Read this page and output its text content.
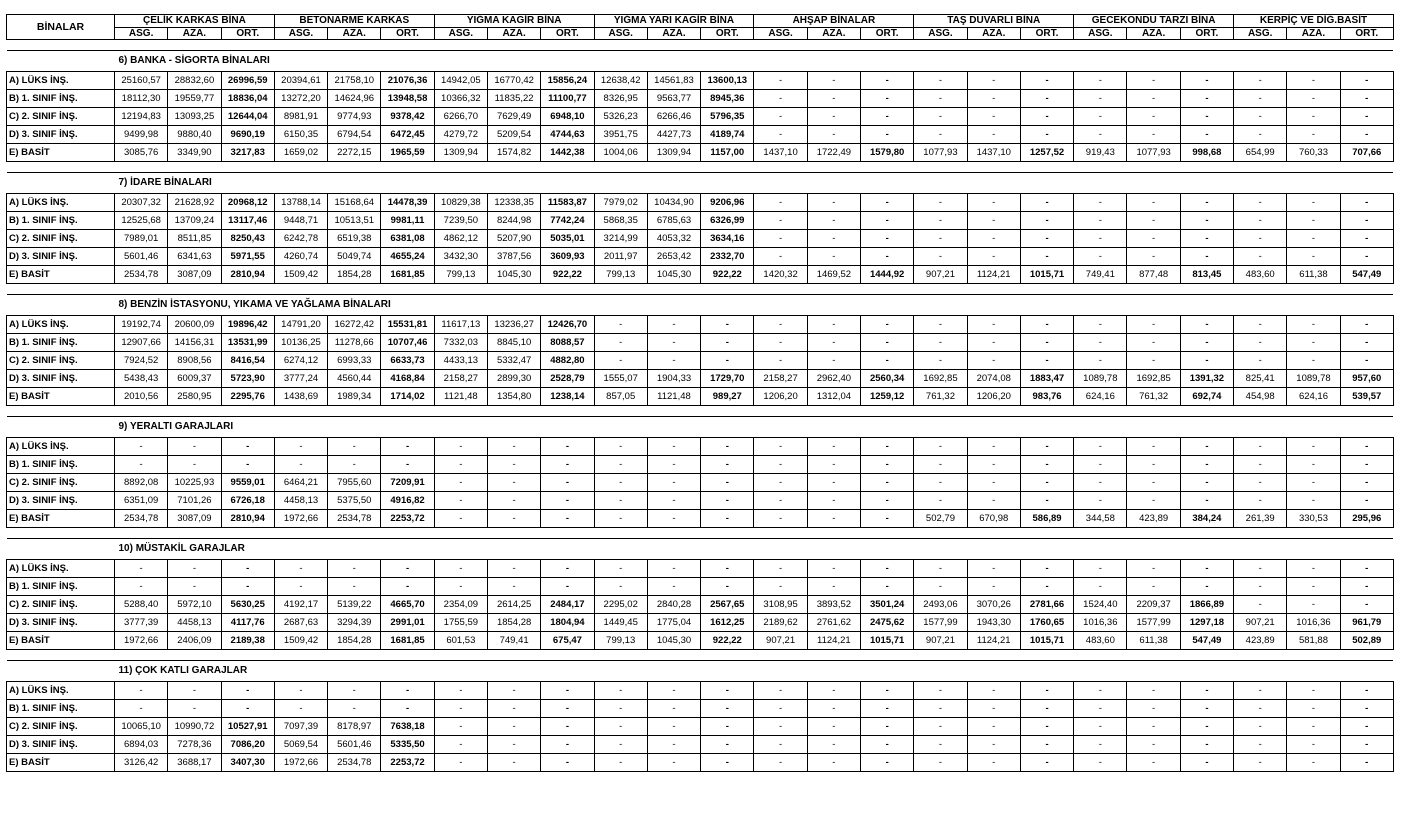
BİNALAR	ÇELİK KARKAS BİNA			BETONARME KARKAS			YIĞMA KAGİR BİNA			YIĞMA YARI KAGİR BİNA			AHŞAP BİNALAR			TAŞ DUVARLI BİNA			GECEKONDU TARZI BİNA			KERPİÇ VE DİĞ.BASİT		
	ASG.	AZA.	ORT.	ASG.	AZA.	ORT.	ASG.	AZA.	ORT.	ASG.	AZA.	ORT.	ASG.	AZA.	ORT.	ASG.	AZA.	ORT.	ASG.	AZA.	ORT.	ASG.	AZA.	ORT.

	6) BANKA - SİGORTA BİNALARI																							
A) LÜKS İNŞ.	25160,57	28832,60	26996,59	20394,61	21758,10	21076,36	14942,05	16770,42	15856,24	12638,42	14561,83	13600,13	-	-	-	-	-	-	-	-	-	-	-	-
B) 1. SINIF İNŞ.	18112,30	19559,77	18836,04	13272,20	14624,96	13948,58	10366,32	11835,22	11100,77	8326,95	9563,77	8945,36	-	-	-	-	-	-	-	-	-	-	-	-
C) 2. SINIF İNŞ.	12194,83	13093,25	12644,04	8981,91	9774,93	9378,42	6266,70	7629,49	6948,10	5326,23	6266,46	5796,35	-	-	-	-	-	-	-	-	-	-	-	-
D) 3. SINIF İNŞ.	9499,98	9880,40	9690,19	6150,35	6794,54	6472,45	4279,72	5209,54	4744,63	3951,75	4427,73	4189,74	-	-	-	-	-	-	-	-	-	-	-	-
E) BASİT	3085,76	3349,90	3217,83	1659,02	2272,15	1965,59	1309,94	1574,82	1442,38	1004,06	1309,94	1157,00	1437,10	1722,49	1579,80	1077,93	1437,10	1257,52	919,43	1077,93	998,68	654,99	760,33	707,66

	7) İDARE BİNALARI																							
A) LÜKS İNŞ.	20307,32	21628,92	20968,12	13788,14	15168,64	14478,39	10829,38	12338,35	11583,87	7979,02	10434,90	9206,96	-	-	-	-	-	-	-	-	-	-	-	-
B) 1. SINIF İNŞ.	12525,68	13709,24	13117,46	9448,71	10513,51	9981,11	7239,50	8244,98	7742,24	5868,35	6785,63	6326,99	-	-	-	-	-	-	-	-	-	-	-	-
C) 2. SINIF İNŞ.	7989,01	8511,85	8250,43	6242,78	6519,38	6381,08	4862,12	5207,90	5035,01	3214,99	4053,32	3634,16	-	-	-	-	-	-	-	-	-	-	-	-
D) 3. SINIF İNŞ.	5601,46	6341,63	5971,55	4260,74	5049,74	4655,24	3432,30	3787,56	3609,93	2011,97	2653,42	2332,70	-	-	-	-	-	-	-	-	-	-	-	-
E) BASİT	2534,78	3087,09	2810,94	1509,42	1854,28	1681,85	799,13	1045,30	922,22	799,13	1045,30	922,22	1420,32	1469,52	1444,92	907,21	1124,21	1015,71	749,41	877,48	813,45	483,60	611,38	547,49

	8) BENZİN İSTASYONU, YIKAMA VE YAĞLAMA BİNALARI																							
A) LÜKS İNŞ.	19192,74	20600,09	19896,42	14791,20	16272,42	15531,81	11617,13	13236,27	12426,70	-	-	-	-	-	-	-	-	-	-	-	-	-	-	-
B) 1. SINIF İNŞ.	12907,66	14156,31	13531,99	10136,25	11278,66	10707,46	7332,03	8845,10	8088,57	-	-	-	-	-	-	-	-	-	-	-	-	-	-	-
C) 2. SINIF İNŞ.	7924,52	8908,56	8416,54	6274,12	6993,33	6633,73	4433,13	5332,47	4882,80	-	-	-	-	-	-	-	-	-	-	-	-	-	-	-
D) 3. SINIF İNŞ.	5438,43	6009,37	5723,90	3777,24	4560,44	4168,84	2158,27	2899,30	2528,79	1555,07	1904,33	1729,70	2158,27	2962,40	2560,34	1692,85	2074,08	1883,47	1089,78	1692,85	1391,32	825,41	1089,78	957,60
E) BASİT	2010,56	2580,95	2295,76	1438,69	1989,34	1714,02	1121,48	1354,80	1238,14	857,05	1121,48	989,27	1206,20	1312,04	1259,12	761,32	1206,20	983,76	624,16	761,32	692,74	454,98	624,16	539,57

	9) YERALTI GARAJLARI																							
A) LÜKS İNŞ.	-	-	-	-	-	-	-	-	-	-	-	-	-	-	-	-	-	-	-	-	-	-	-	-
B) 1. SINIF İNŞ.	-	-	-	-	-	-	-	-	-	-	-	-	-	-	-	-	-	-	-	-	-	-	-	-
C) 2. SINIF İNŞ.	8892,08	10225,93	9559,01	6464,21	7955,60	7209,91	-	-	-	-	-	-	-	-	-	-	-	-	-	-	-	-	-	-
D) 3. SINIF İNŞ.	6351,09	7101,26	6726,18	4458,13	5375,50	4916,82	-	-	-	-	-	-	-	-	-	-	-	-	-	-	-	-	-	-
E) BASİT	2534,78	3087,09	2810,94	1972,66	2534,78	2253,72	-	-	-	-	-	-	-	-	-	502,79	670,98	586,89	344,58	423,89	384,24	261,39	330,53	295,96

	10) MÜSTAKİL GARAJLAR																							
A) LÜKS İNŞ.	-	-	-	-	-	-	-	-	-	-	-	-	-	-	-	-	-	-	-	-	-	-	-	-
B) 1. SINIF İNŞ.	-	-	-	-	-	-	-	-	-	-	-	-	-	-	-	-	-	-	-	-	-	-	-	-
C) 2. SINIF İNŞ.	5288,40	5972,10	5630,25	4192,17	5139,22	4665,70	2354,09	2614,25	2484,17	2295,02	2840,28	2567,65	3108,95	3893,52	3501,24	2493,06	3070,26	2781,66	1524,40	2209,37	1866,89	-	-	-
D) 3. SINIF İNŞ.	3777,39	4458,13	4117,76	2687,63	3294,39	2991,01	1755,59	1854,28	1804,94	1449,45	1775,04	1612,25	2189,62	2761,62	2475,62	1577,99	1943,30	1760,65	1016,36	1577,99	1297,18	907,21	1016,36	961,79
E) BASİT	1972,66	2406,09	2189,38	1509,42	1854,28	1681,85	601,53	749,41	675,47	799,13	1045,30	922,22	907,21	1124,21	1015,71	907,21	1124,21	1015,71	483,60	611,38	547,49	423,89	581,88	502,89

	11) ÇOK KATLI GARAJLAR																							
A) LÜKS İNŞ.	-	-	-	-	-	-	-	-	-	-	-	-	-	-	-	-	-	-	-	-	-	-	-	-
B) 1. SINIF İNŞ.	-	-	-	-	-	-	-	-	-	-	-	-	-	-	-	-	-	-	-	-	-	-	-	-
C) 2. SINIF İNŞ.	10065,10	10990,72	10527,91	7097,39	8178,97	7638,18	-	-	-	-	-	-	-	-	-	-	-	-	-	-	-	-	-	-
D) 3. SINIF İNŞ.	6894,03	7278,36	7086,20	5069,54	5601,46	5335,50	-	-	-	-	-	-	-	-	-	-	-	-	-	-	-	-	-	-
E) BASİT	3126,42	3688,17	3407,30	1972,66	2534,78	2253,72	-	-	-	-	-	-	-	-	-	-	-	-	-	-	-	-	-	-
